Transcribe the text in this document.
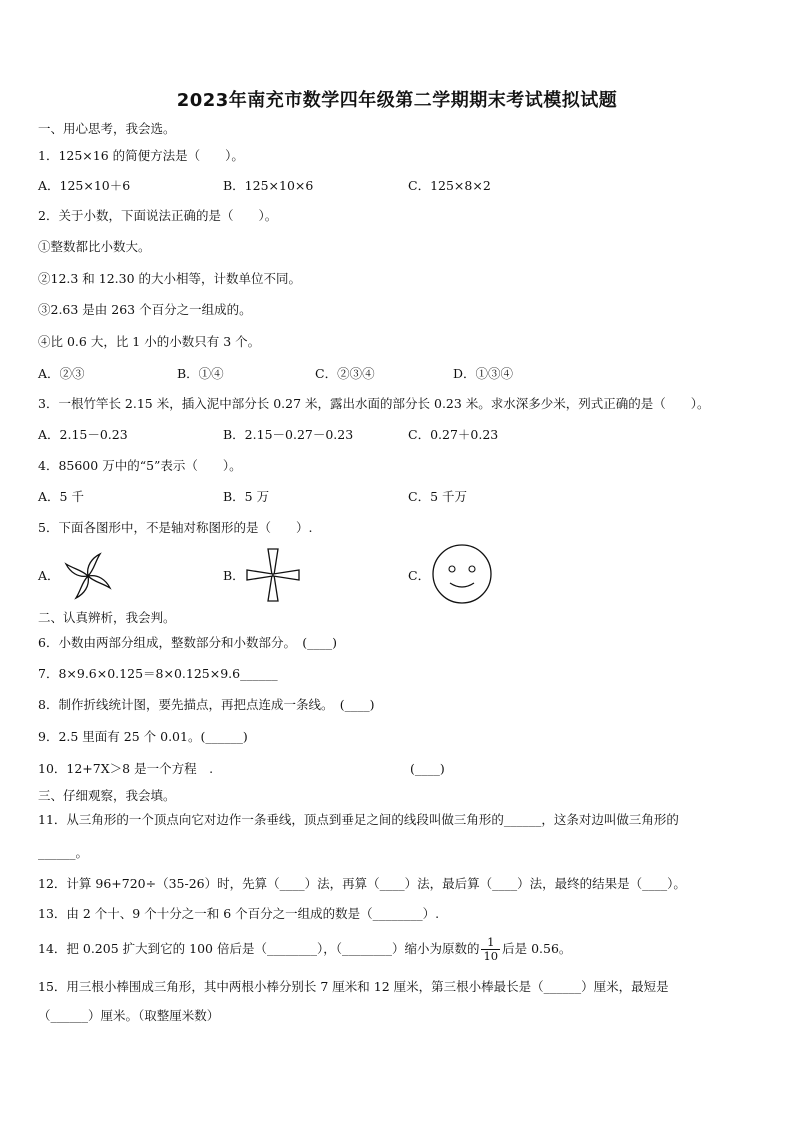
2023年南充市数学四年级第二学期期末考试模拟试题
一、用心思考，我会选。
1．125×16 的简便方法是（　　）。
A．125×10＋6	B．125×10×6	C．125×8×2
2．关于小数，下面说法正确的是（　　）。
①整数都比小数大。
②12.3 和 12.30 的大小相等，计数单位不同。
③2.63 是由 263 个百分之一组成的。
④比 0.6 大，比 1 小的小数只有 3 个。
A．②③	B．①④	C．②③④	D．①③④
3．一根竹竿长 2.15 米，插入泥中部分长 0.27 米，露出水面的部分长 0.23 米。求水深多少米，列式正确的是（　　）。
A．2.15－0.23	B．2.15－0.27－0.23	C．0.27＋0.23
4．85600 万中的“5”表示（　　）。
A．5 千	B．5 万	C．5 千万
5．下面各图形中，不是轴对称图形的是（　　）.
A．	B．	C．
二、认真辨析，我会判。
6．小数由两部分组成，整数部分和小数部分。　(____)
7．8×9.6×0.125＝8×0.125×9.6______
8．制作折线统计图，要先描点，再把点连成一条线。　(____)
9．2.5 里面有 25 个 0.01。(______)
10．12+7X＞8 是一个方程　.	(____)
三、仔细观察，我会填。
11．从三角形的一个顶点向它对边作一条垂线，顶点到垂足之间的线段叫做三角形的______，这条对边叫做三角形的
______。
12．计算 96+720÷（35-26）时，先算（____）法，再算（____）法，最后算（____）法，最终的结果是（____）。
13．由 2 个十、9 个十分之一和 6 个百分之一组成的数是（________）.
14．把 0.205 扩大到它的 100 倍后是（________），（________）缩小为原数的 $\frac{1}{10}$ 后是 0.56。
15．用三根小棒围成三角形，其中两根小棒分别长 7 厘米和 12 厘米，第三根小棒最长是（______）厘米，最短是
（______）厘米。（取整厘米数）
